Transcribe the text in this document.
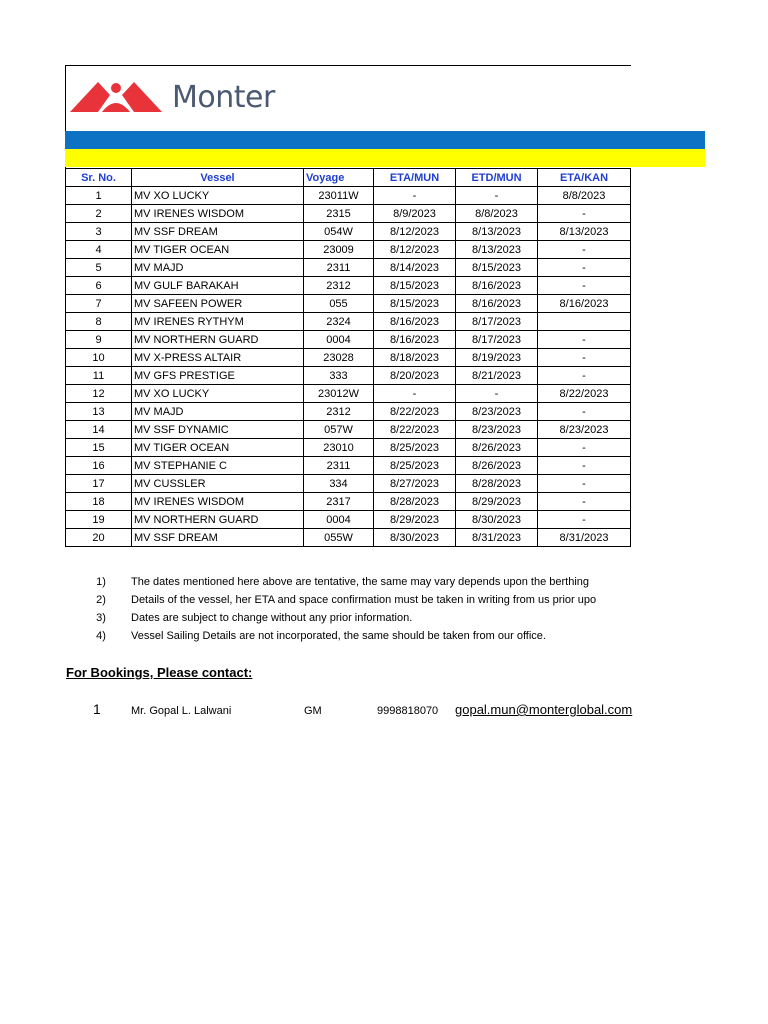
Monter
Sr. No.	Vessel	Voyage	ETA/MUN	ETD/MUN	ETA/KAN
1	MV XO LUCKY	23011W	-	-	8/8/2023
2	MV IRENES WISDOM	2315	8/9/2023	8/8/2023	-
3	MV SSF DREAM	054W	8/12/2023	8/13/2023	8/13/2023
4	MV TIGER OCEAN	23009	8/12/2023	8/13/2023	-
5	MV MAJD	2311	8/14/2023	8/15/2023	-
6	MV GULF BARAKAH	2312	8/15/2023	8/16/2023	-
7	MV SAFEEN POWER	055	8/15/2023	8/16/2023	8/16/2023
8	MV IRENES RYTHYM	2324	8/16/2023	8/17/2023	
9	MV NORTHERN GUARD	0004	8/16/2023	8/17/2023	-
10	MV X-PRESS ALTAIR	23028	8/18/2023	8/19/2023	-
11	MV GFS PRESTIGE	333	8/20/2023	8/21/2023	-
12	MV XO LUCKY	23012W	-	-	8/22/2023
13	MV MAJD	2312	8/22/2023	8/23/2023	-
14	MV SSF DYNAMIC	057W	8/22/2023	8/23/2023	8/23/2023
15	MV TIGER OCEAN	23010	8/25/2023	8/26/2023	-
16	MV STEPHANIE C	2311	8/25/2023	8/26/2023	-
17	MV CUSSLER	334	8/27/2023	8/28/2023	-
18	MV IRENES WISDOM	2317	8/28/2023	8/29/2023	-
19	MV NORTHERN GUARD	0004	8/29/2023	8/30/2023	-
20	MV SSF DREAM	055W	8/30/2023	8/31/2023	8/31/2023
1) The dates mentioned here above are tentative, the same may vary depends upon the berthing
2) Details of the vessel, her ETA and space confirmation must be taken in writing from us prior upo
3) Dates are subject to change without any prior information.
4) Vessel Sailing Details are not incorporated, the same should be taken from our office.
For Bookings, Please contact:
1	Mr. Gopal L. Lalwani	GM	9998818070 gopal.mun@monterglobal.com
